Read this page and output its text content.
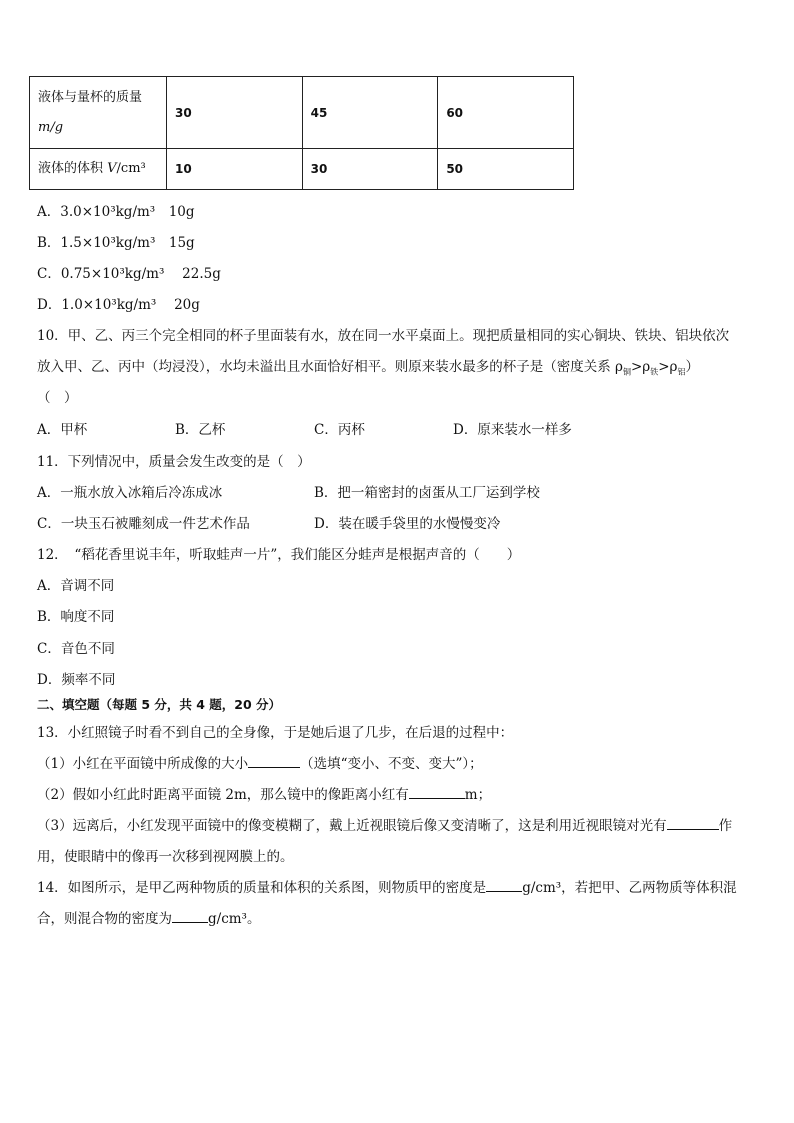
液体与量杯的质量
m/g	30	45	60
液体的体积 V/cm³	10	30	50
A．3.0×10³kg/m³　10g
B．1.5×10³kg/m³　15g
C．0.75×10³kg/m³　 22.5g
D．1.0×10³kg/m³　 20g
10．甲、乙、丙三个完全相同的杯子里面装有水，放在同一水平桌面上。现把质量相同的实心铜块、铁块、铝块依次
放入甲、乙、丙中（均浸没），水均未溢出且水面恰好相平。则原来装水最多的杯子是（密度关系 $\rho_铜>\rho_铁>\rho_铝$）
（　）
A．甲杯	B．乙杯	C．丙杯	D．原来装水一样多
11．下列情况中，质量会发生改变的是（　）
A．一瓶水放入冰箱后冷冻成冰	B．把一箱密封的卤蛋从工厂运到学校
C．一块玉石被雕刻成一件艺术作品	D．装在暖手袋里的水慢慢变冷
12．　“稻花香里说丰年，听取蛙声一片”，我们能区分蛙声是根据声音的（　　）
A．音调不同
B．响度不同
C．音色不同
D．频率不同
二、填空题（每题 5 分，共 4 题，20 分）
13．小红照镜子时看不到自己的全身像，于是她后退了几步，在后退的过程中：
（1）小红在平面镜中所成像的大小	（选填“变小、不变、变大”）；
（2）假如小红此时距离平面镜 2m，那么镜中的像距离小红有	m；
（3）远离后，小红发现平面镜中的像变模糊了，戴上近视眼镜后像又变清晰了，这是利用近视眼镜对光有	作
用，使眼睛中的像再一次移到视网膜上的。
14．如图所示，是甲乙两种物质的质量和体积的关系图，则物质甲的密度是	g/cm³，若把甲、乙两物质等体积混
合，则混合物的密度为	g/cm³。
